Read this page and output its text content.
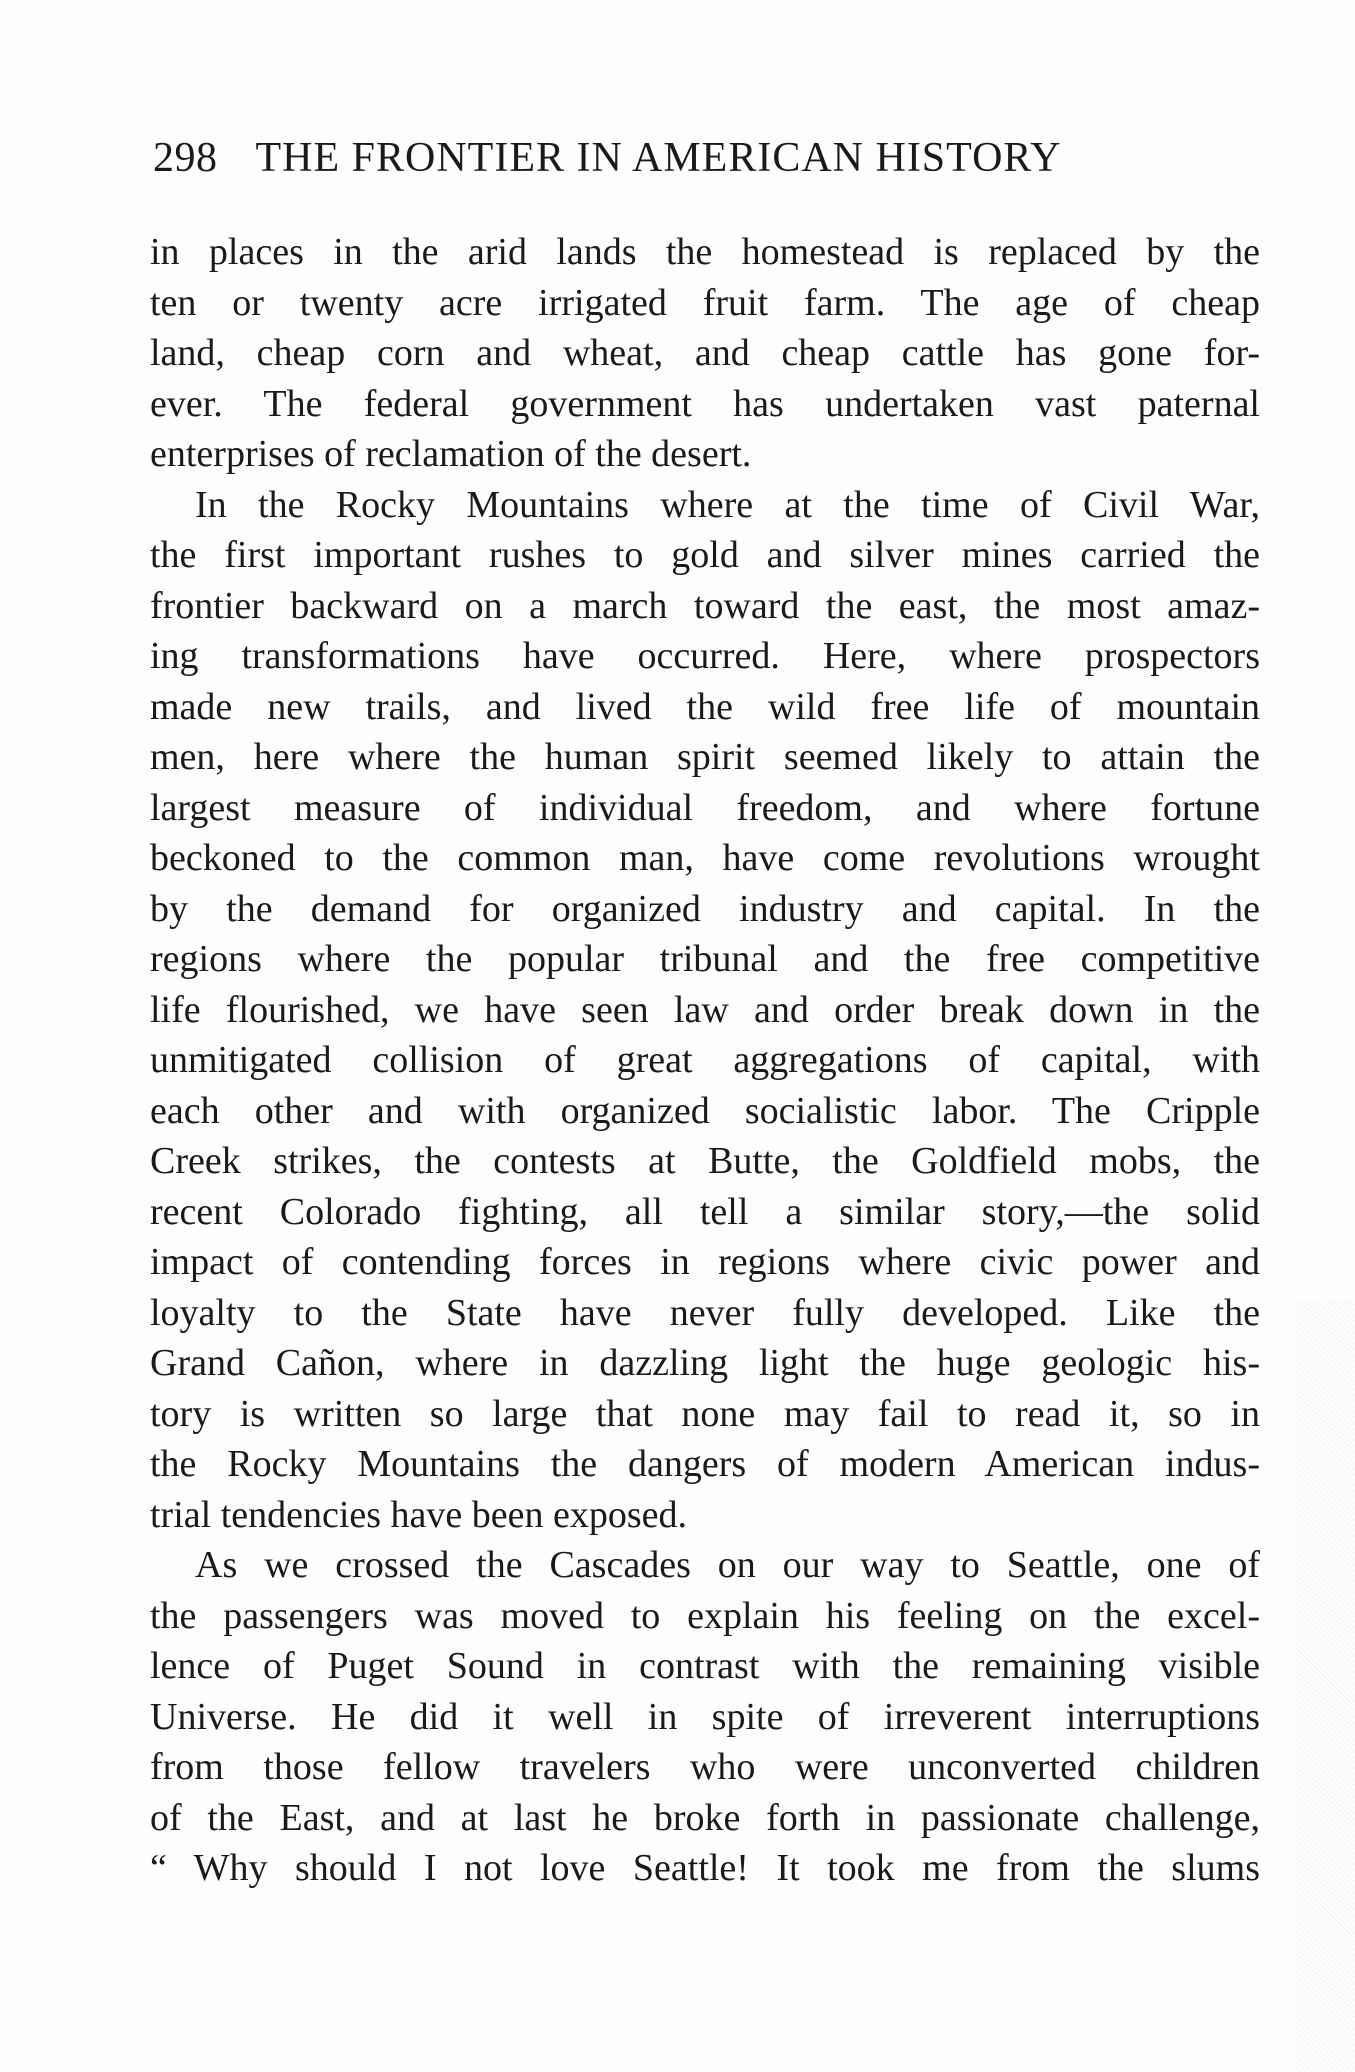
298 THE FRONTIER IN AMERICAN HISTORY
in places in the arid lands the homestead is replaced by the
ten or twenty acre irrigated fruit farm. The age of cheap
land, cheap corn and wheat, and cheap cattle has gone for-
ever. The federal government has undertaken vast paternal
enterprises of reclamation of the desert.
In the Rocky Mountains where at the time of Civil War,
the first important rushes to gold and silver mines carried the
frontier backward on a march toward the east, the most amaz-
ing transformations have occurred. Here, where prospectors
made new trails, and lived the wild free life of mountain
men, here where the human spirit seemed likely to attain the
largest measure of individual freedom, and where fortune
beckoned to the common man, have come revolutions wrought
by the demand for organized industry and capital. In the
regions where the popular tribunal and the free competitive
life flourished, we have seen law and order break down in the
unmitigated collision of great aggregations of capital, with
each other and with organized socialistic labor. The Cripple
Creek strikes, the contests at Butte, the Goldfield mobs, the
recent Colorado fighting, all tell a similar story,—the solid
impact of contending forces in regions where civic power and
loyalty to the State have never fully developed. Like the
Grand Cañon, where in dazzling light the huge geologic his-
tory is written so large that none may fail to read it, so in
the Rocky Mountains the dangers of modern American indus-
trial tendencies have been exposed.
As we crossed the Cascades on our way to Seattle, one of
the passengers was moved to explain his feeling on the excel-
lence of Puget Sound in contrast with the remaining visible
Universe. He did it well in spite of irreverent interruptions
from those fellow travelers who were unconverted children
of the East, and at last he broke forth in passionate challenge,
“ Why should I not love Seattle! It took me from the slums
